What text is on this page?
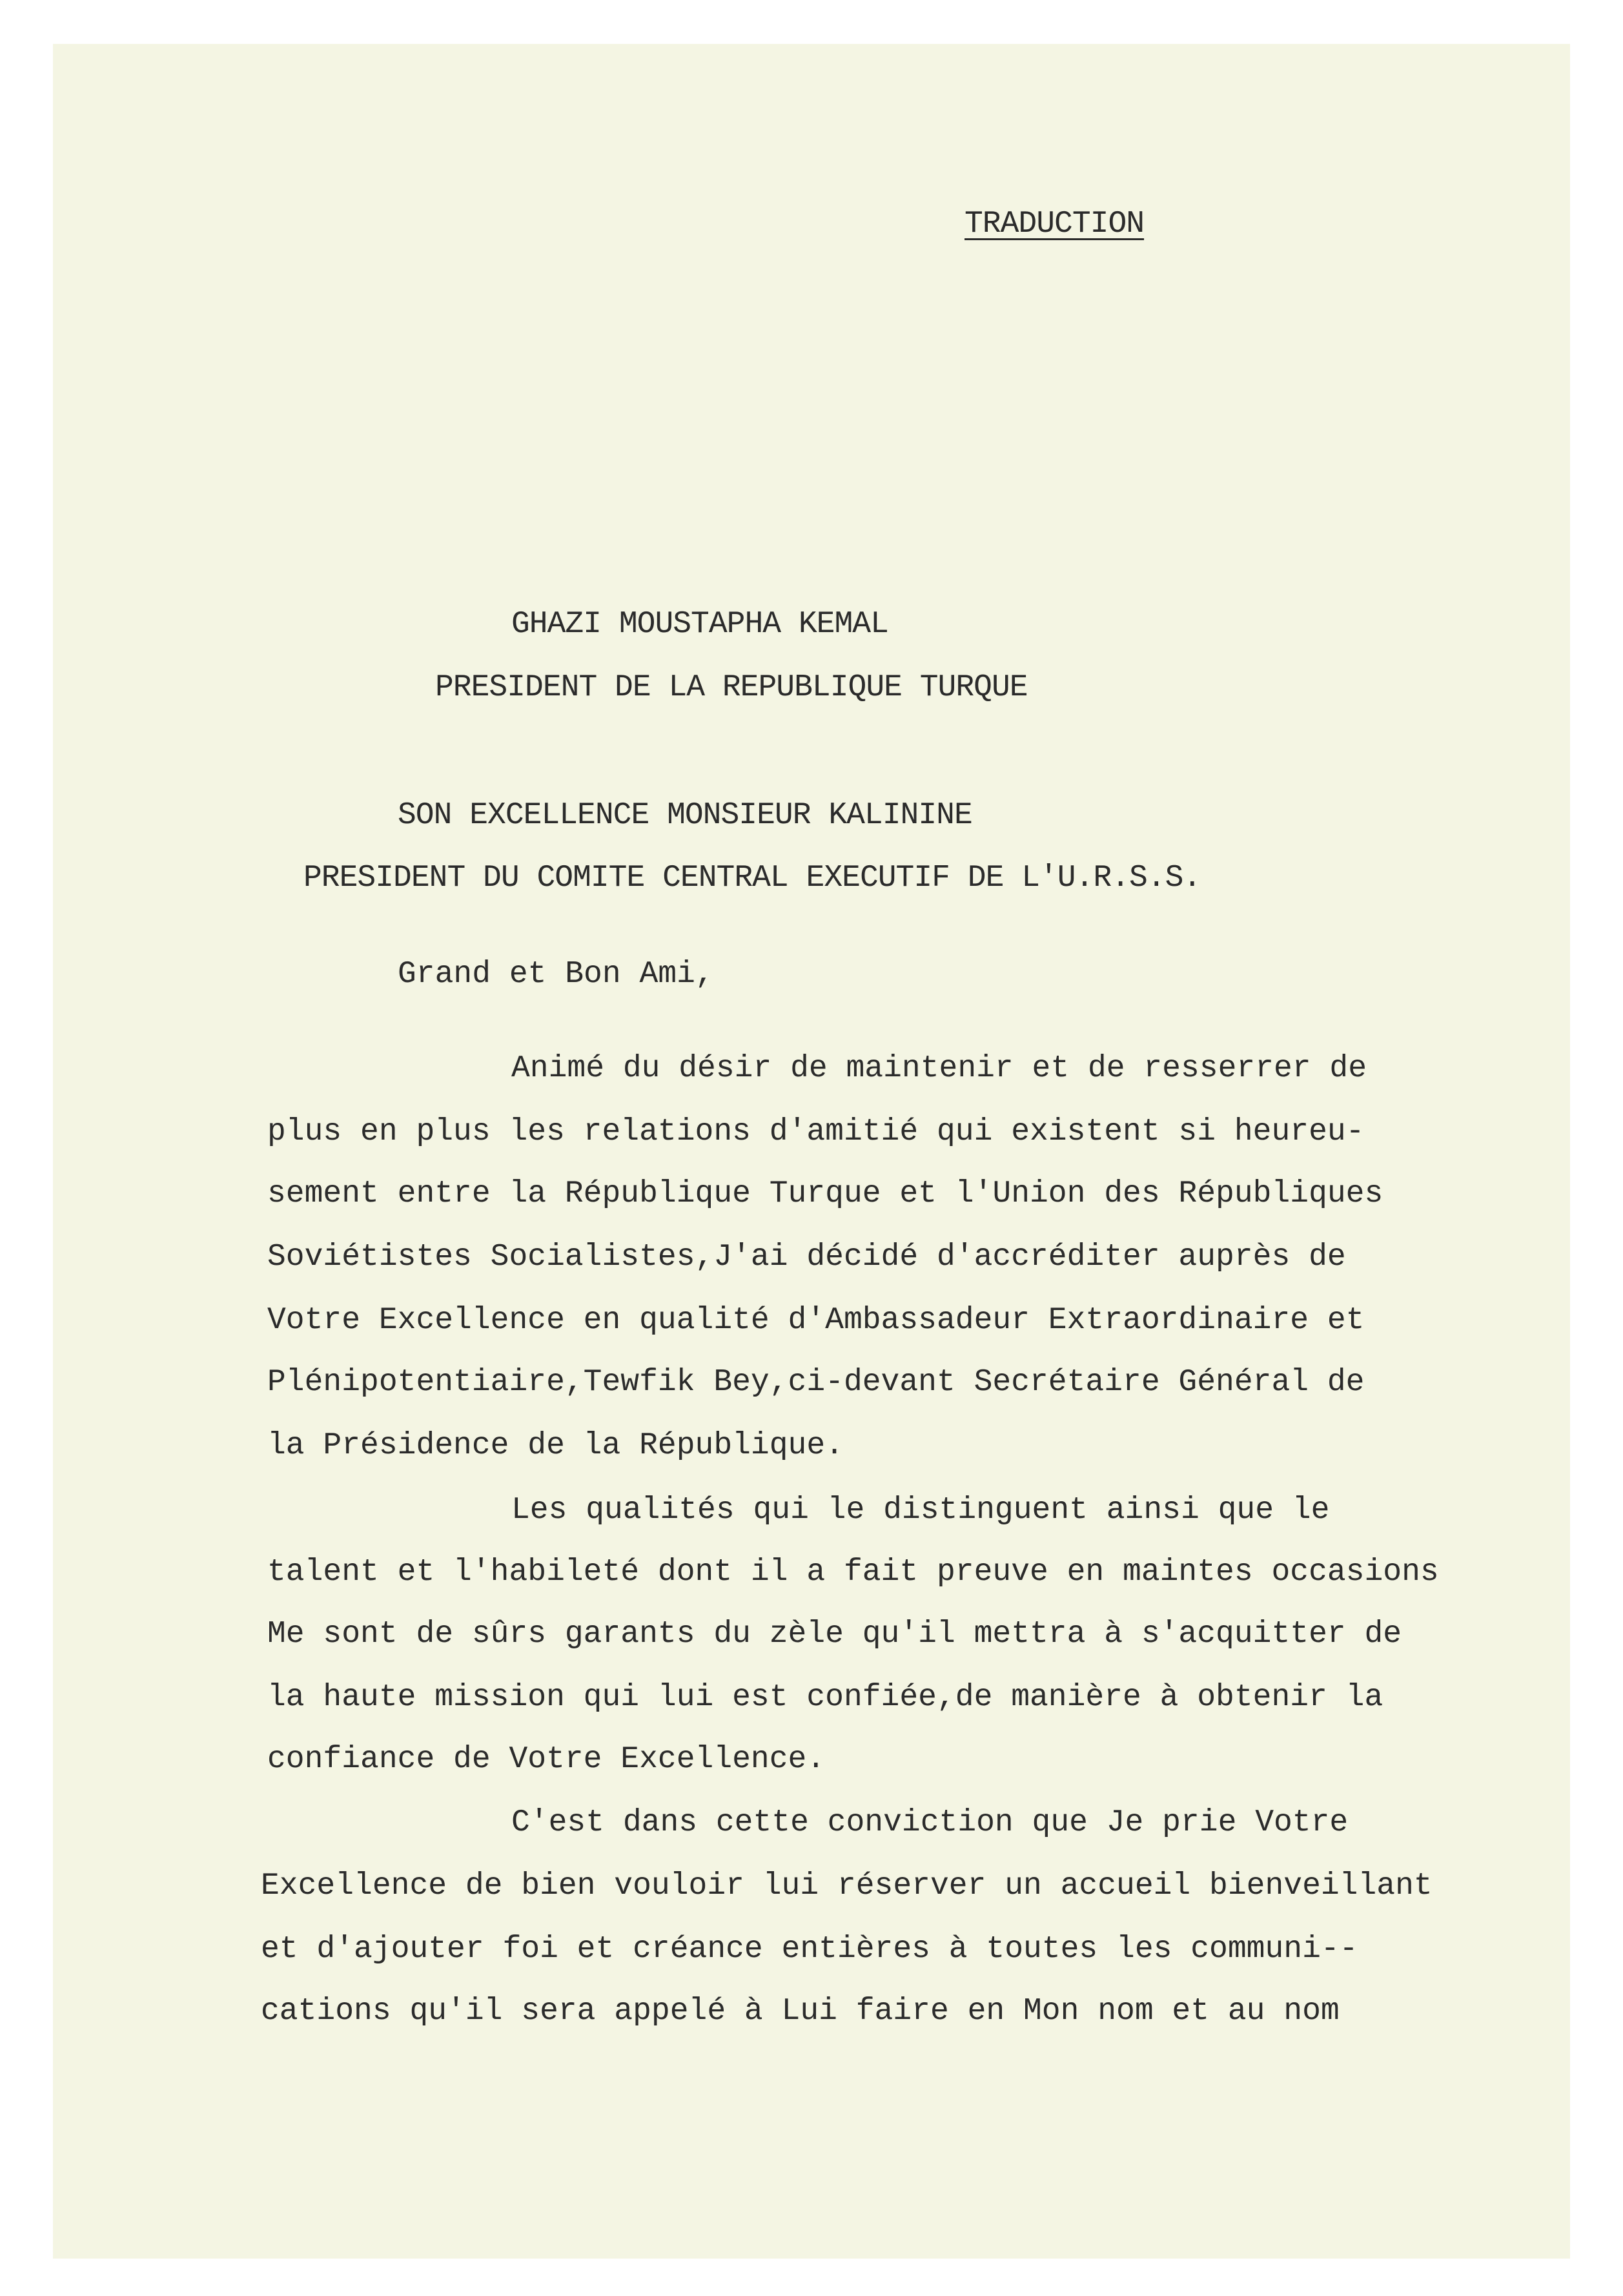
TRADUCTION
GHAZI MOUSTAPHA KEMAL
PRESIDENT DE LA REPUBLIQUE TURQUE
SON EXCELLENCE MONSIEUR KALININE
PRESIDENT DU COMITE CENTRAL EXECUTIF DE L'U.R.S.S.
Grand et Bon Ami,
Animé du désir de maintenir et de resserrer de
plus en plus les relations d'amitié qui existent si heureu-
sement entre la République Turque et l'Union des Républiques
Soviétistes Socialistes,J'ai décidé d'accréditer auprès de
Votre Excellence en qualité d'Ambassadeur Extraordinaire et
Plénipotentiaire,Tewfik Bey,ci-devant Secrétaire Général de
la Présidence de la République.
Les qualités qui le distinguent ainsi que le
talent et l'habileté dont il a fait preuve en maintes occasions
Me sont de sûrs garants du zèle qu'il mettra à s'acquitter de
la haute mission qui lui est confiée,de manière à obtenir la
confiance de Votre Excellence.
C'est dans cette conviction que Je prie Votre
Excellence de bien vouloir lui réserver un accueil bienveillant
et d'ajouter foi et créance entières à toutes les communi--
cations qu'il sera appelé à Lui faire en Mon nom et au nom
